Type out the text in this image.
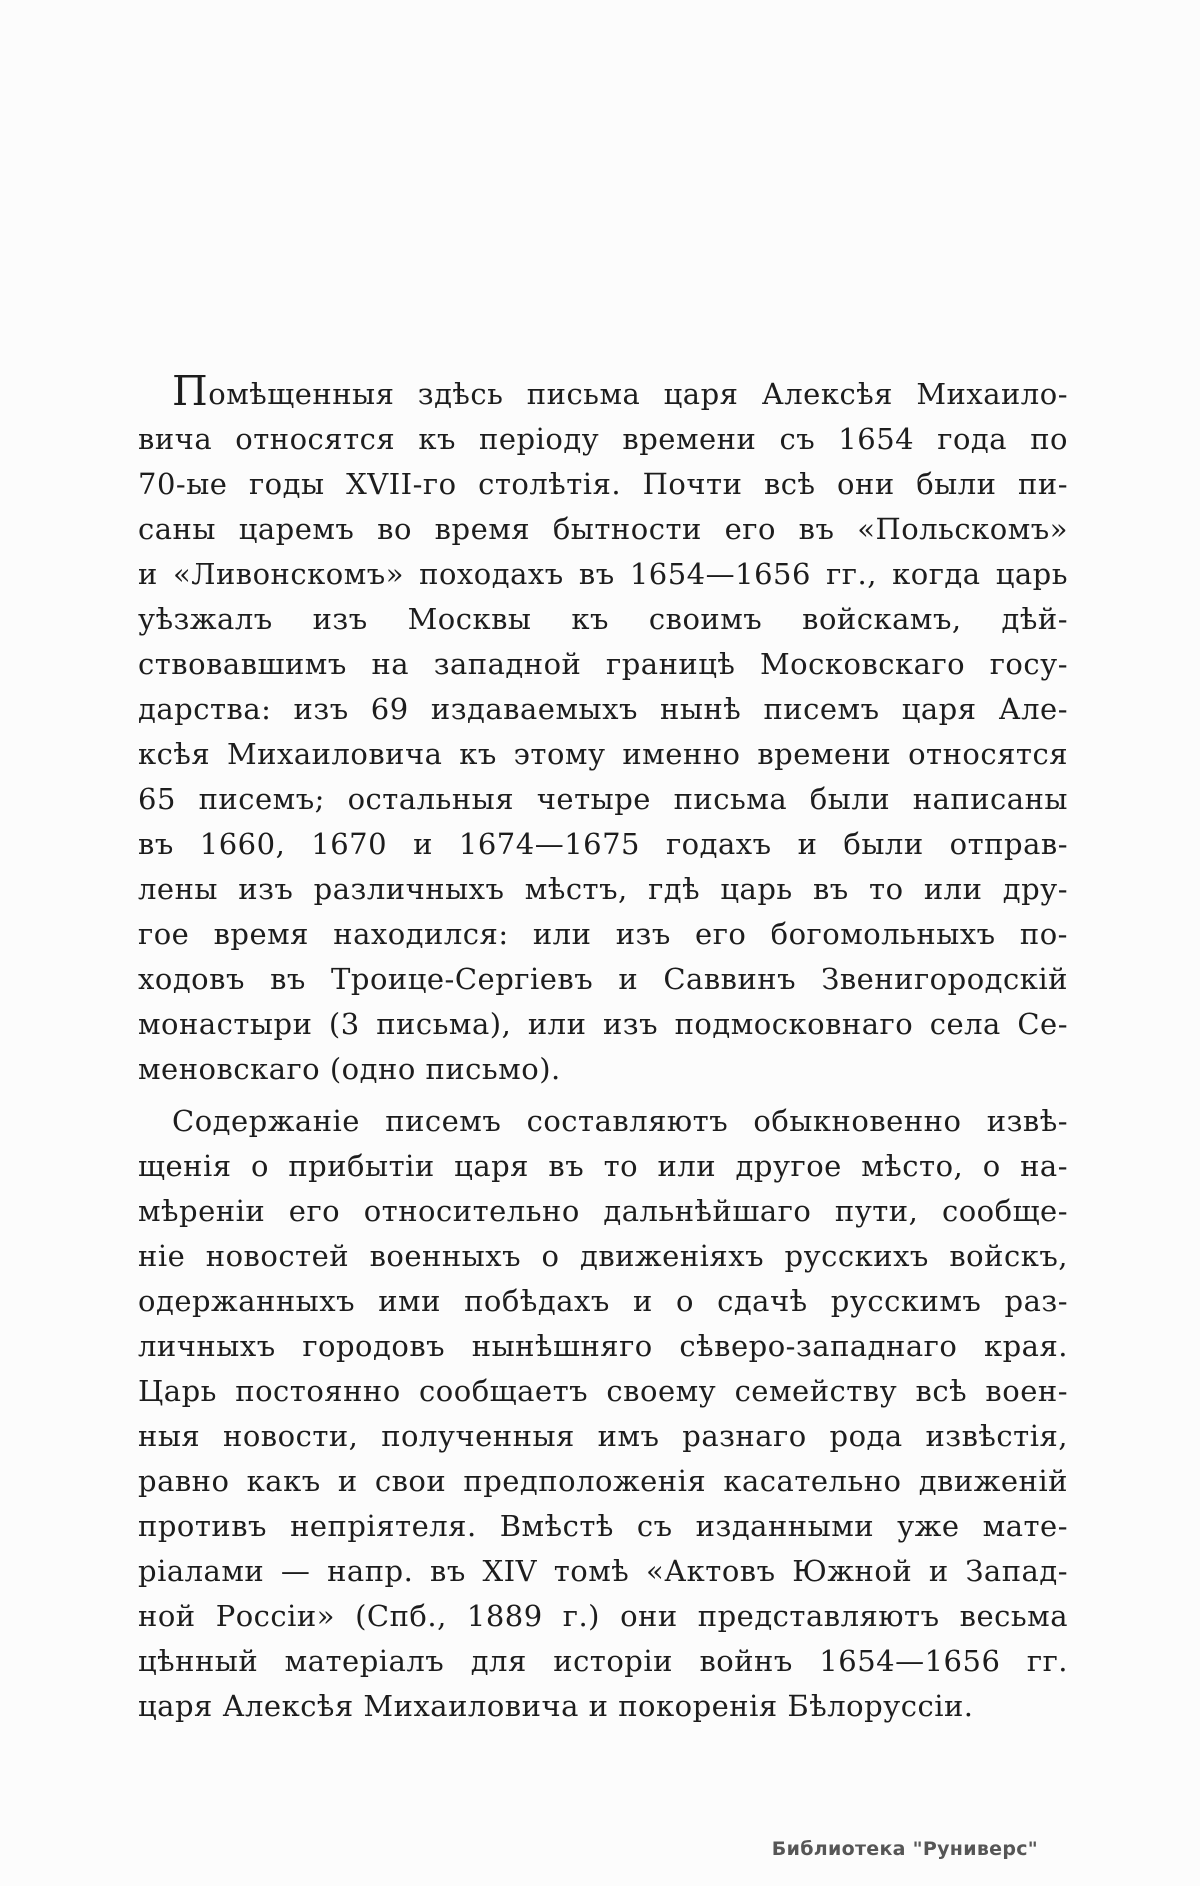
Помѣщенныя здѣсь письма царя Алексѣя Михаило-
вича относятся къ періоду времени съ 1654 года по
70-ые годы XVII-го столѣтія. Почти всѣ они были пи-
саны царемъ во время бытности его въ «Польскомъ»
и «Ливонскомъ» походахъ въ 1654—1656 гг., когда царь
уѣзжалъ изъ Москвы къ своимъ войскамъ, дѣй-
ствовавшимъ на западной границѣ Московскаго госу-
дарства: изъ 69 издаваемыхъ нынѣ писемъ царя Але-
ксѣя Михаиловича къ этому именно времени относятся
65 писемъ; остальныя четыре письма были написаны
въ 1660, 1670 и 1674—1675 годахъ и были отправ-
лены изъ различныхъ мѣстъ, гдѣ царь въ то или дру-
гое время находился: или изъ его богомольныхъ по-
ходовъ въ Троице-Сергіевъ и Саввинъ Звенигородскій
монастыри (3 письма), или изъ подмосковнаго села Се-
меновскаго (одно письмо).
Содержаніе писемъ составляютъ обыкновенно извѣ-
щенія о прибытіи царя въ то или другое мѣсто, о на-
мѣреніи его относительно дальнѣйшаго пути, сообще-
ніе новостей военныхъ о движеніяхъ русскихъ войскъ,
одержанныхъ ими побѣдахъ и о сдачѣ русскимъ раз-
личныхъ городовъ нынѣшняго сѣверо-западнаго края.
Царь постоянно сообщаетъ своему семейству всѣ воен-
ныя новости, полученныя имъ разнаго рода извѣстія,
равно какъ и свои предположенія касательно движеній
противъ непріятеля. Вмѣстѣ съ изданными уже мате-
ріалами — напр. въ XIV томѣ «Актовъ Южной и Запад-
ной Россіи» (Спб., 1889 г.) они представляютъ весьма
цѣнный матеріалъ для исторіи войнъ 1654—1656 гг.
царя Алексѣя Михаиловича и покоренія Бѣлоруссіи.
Библиотека "Руниверс"
